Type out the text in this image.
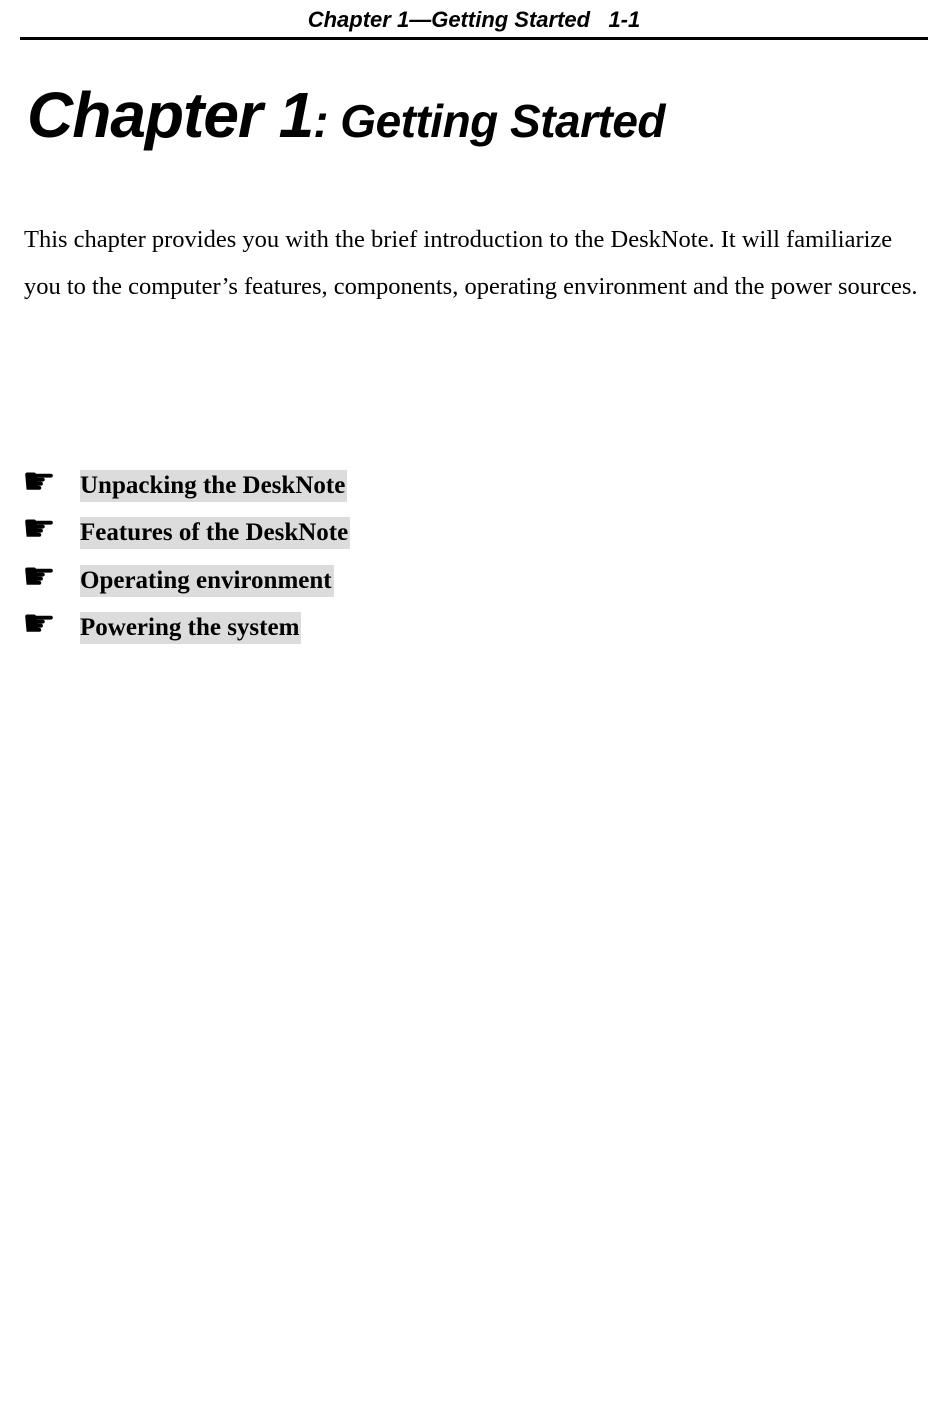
Chapter 1—Getting Started   1-1
Chapter 1: Getting Started

This chapter provides you with the brief introduction to the DeskNote. It will familiarize you to the computer’s features, components, operating environment and the power sources.

☛ Unpacking the DeskNote
☛ Features of the DeskNote
☛ Operating environment
☛ Powering the system
